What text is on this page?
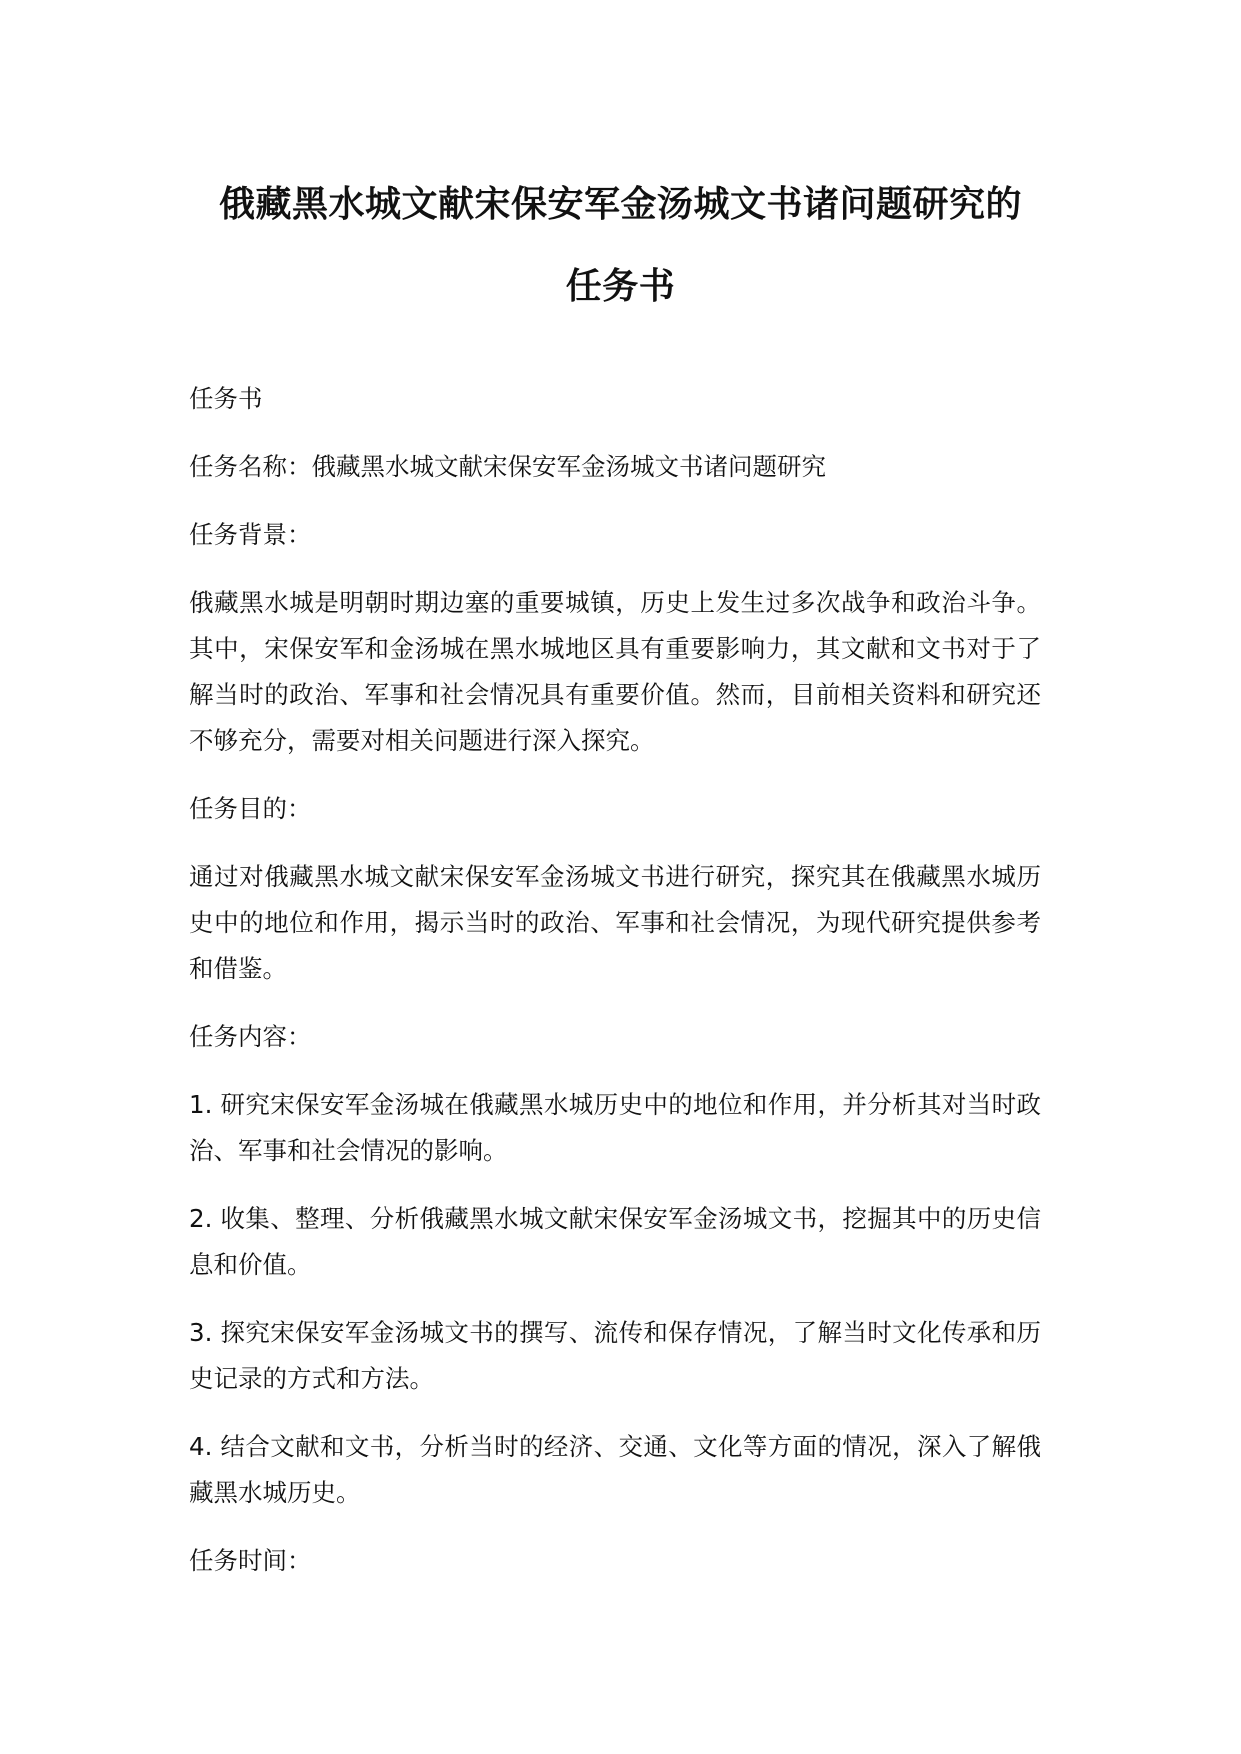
俄藏黑水城文献宋保安军金汤城文书诸问题研究的
任务书

任务书

任务名称：俄藏黑水城文献宋保安军金汤城文书诸问题研究

任务背景：

俄藏黑水城是明朝时期边塞的重要城镇，历史上发生过多次战争和政治斗争。其中，宋保安军和金汤城在黑水城地区具有重要影响力，其文献和文书对于了解当时的政治、军事和社会情况具有重要价值。然而，目前相关资料和研究还不够充分，需要对相关问题进行深入探究。

任务目的：

通过对俄藏黑水城文献宋保安军金汤城文书进行研究，探究其在俄藏黑水城历史中的地位和作用，揭示当时的政治、军事和社会情况，为现代研究提供参考和借鉴。

任务内容：

1. 研究宋保安军金汤城在俄藏黑水城历史中的地位和作用，并分析其对当时政治、军事和社会情况的影响。

2. 收集、整理、分析俄藏黑水城文献宋保安军金汤城文书，挖掘其中的历史信息和价值。

3. 探究宋保安军金汤城文书的撰写、流传和保存情况，了解当时文化传承和历史记录的方式和方法。

4. 结合文献和文书，分析当时的经济、交通、文化等方面的情况，深入了解俄藏黑水城历史。

任务时间：
